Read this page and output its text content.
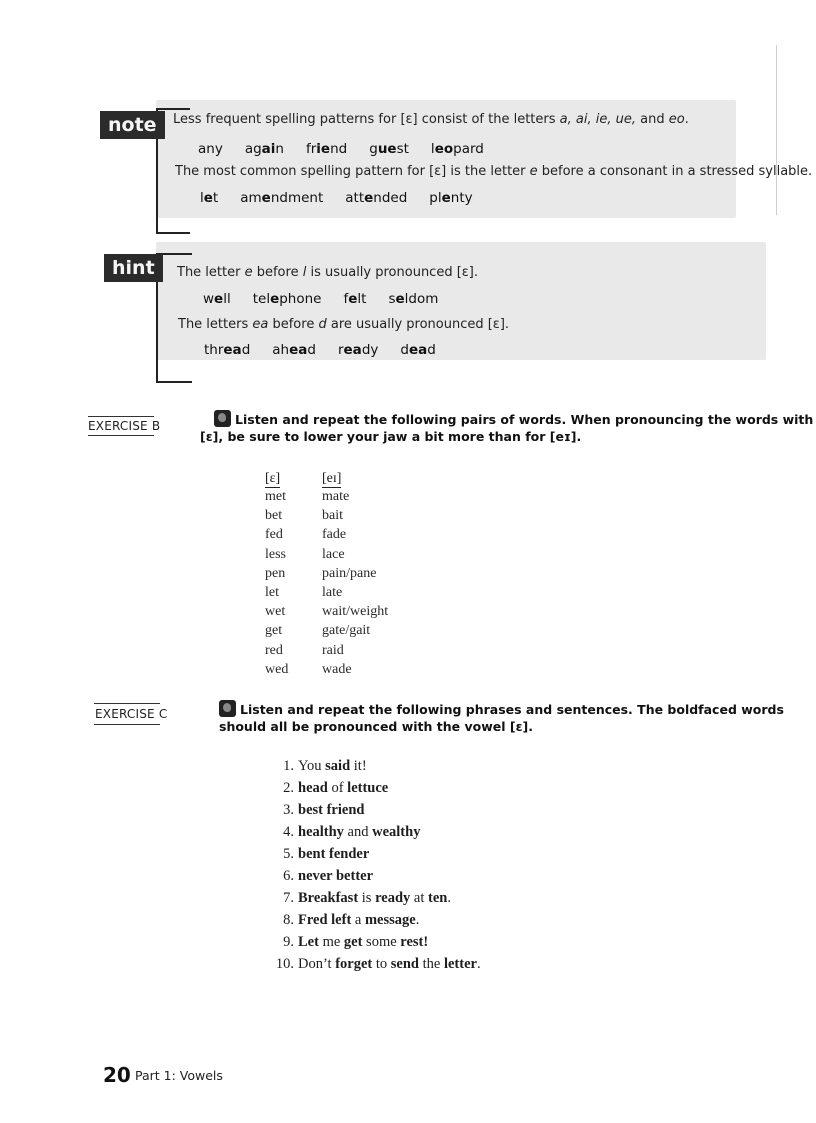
note	Less frequent spelling patterns for [ɛ] consist of the letters a, ai, ie, ue, and eo.
any again friend guest leopard
The most common spelling pattern for [ɛ] is the letter e before a consonant in a stressed syllable.
let amendment attended plenty
hint	The letter e before l is usually pronounced [ɛ].
well telephone felt seldom
The letters ea before d are usually pronounced [ɛ].
thread ahead ready dead
EXERCISE B	Listen and repeat the following pairs of words. When pronouncing the words with
[ɛ], be sure to lower your jaw a bit more than for [eɪ].
[ɛ]	[eɪ]
met	mate
bet	bait
fed	fade
less	lace
pen	pain/pane
let	late
wet	wait/weight
get	gate/gait
red	raid
wed wade
EXERCISE C	Listen and repeat the following phrases and sentences. The boldfaced words
should all be pronounced with the vowel [ɛ].
1. You said it!
2. head of lettuce
3. best friend
4. healthy and wealthy
5. bent fender
6. never better
7. Breakfast is ready at ten.
8. Fred left a message.
9. Let me get some rest!
10. Don’t forget to send the letter.
20 Part 1: Vowels
